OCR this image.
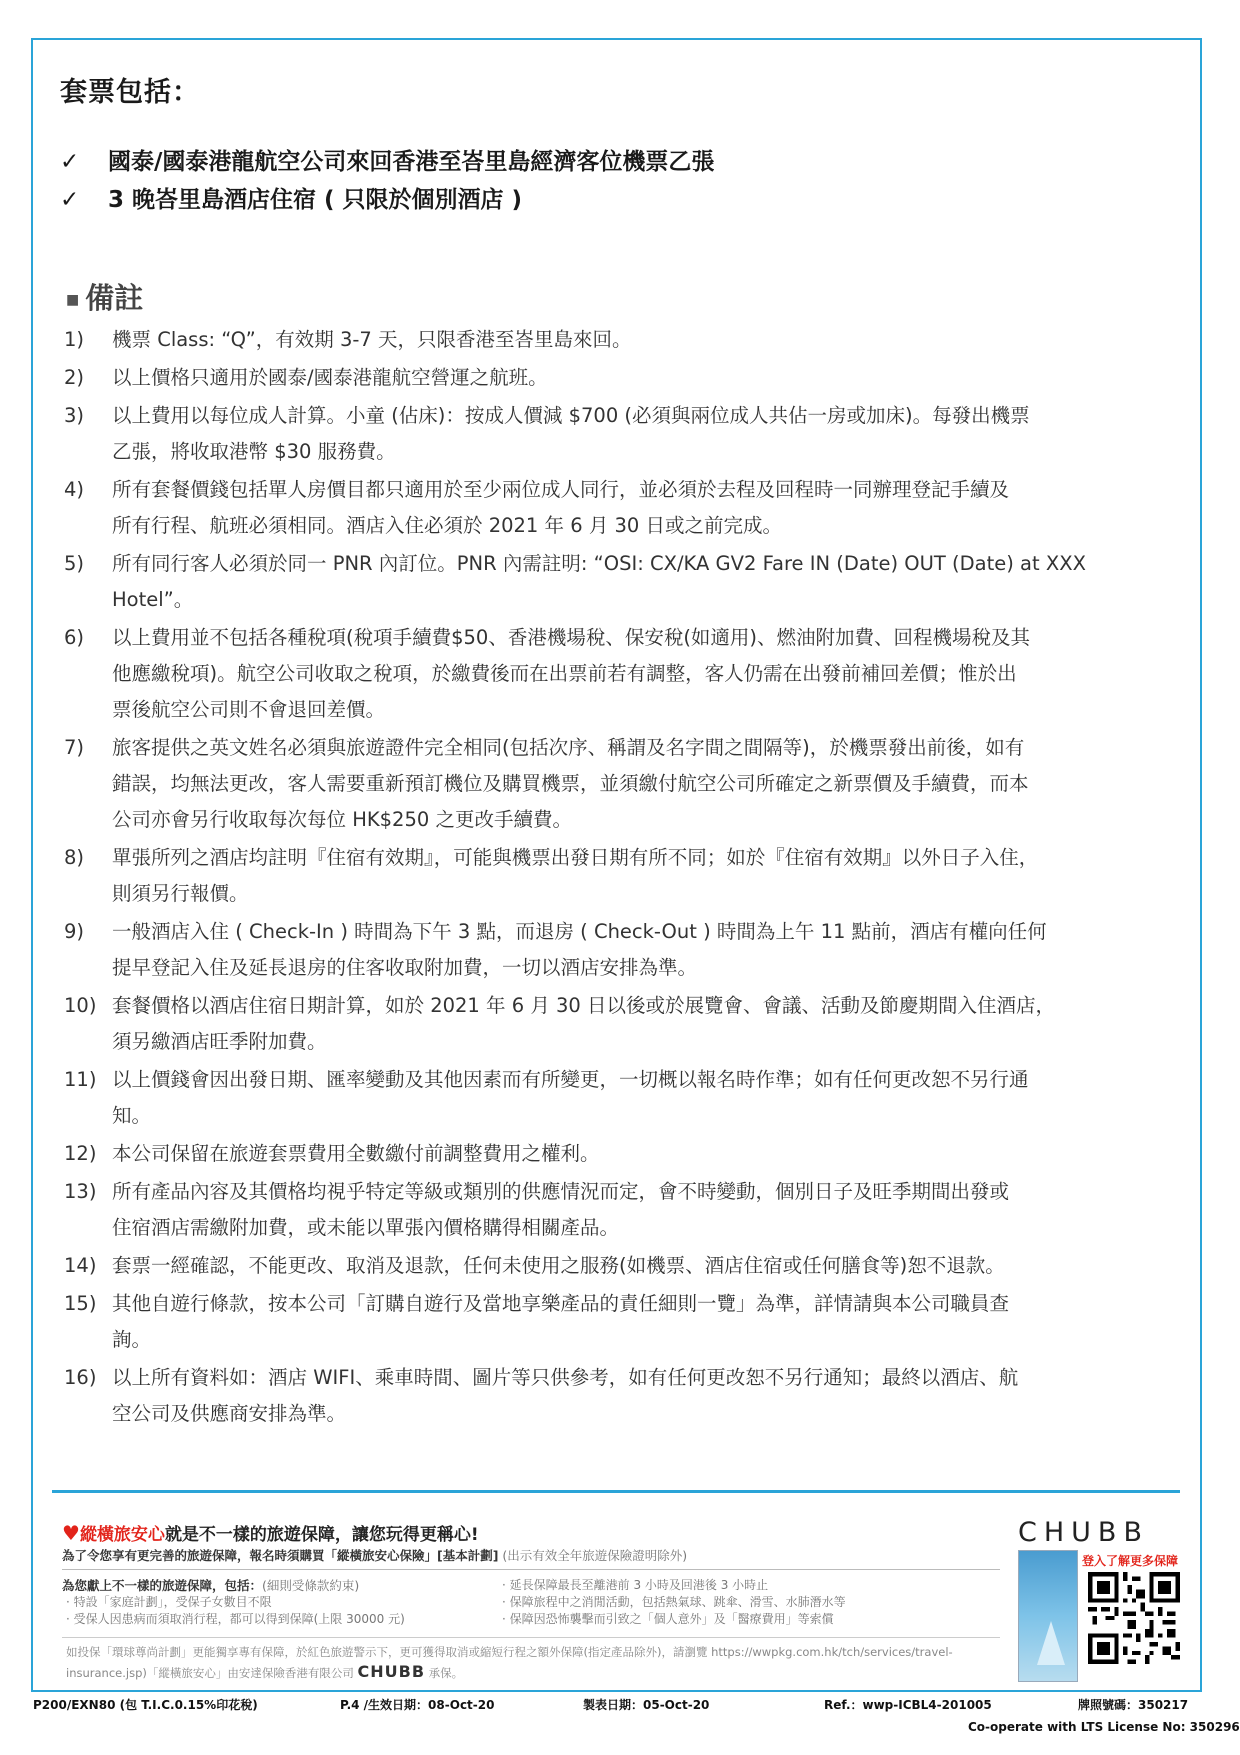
套票包括：
✓ 國泰/國泰港龍航空公司來回香港至峇里島經濟客位機票乙張
✓ 3 晚峇里島酒店住宿 ( 只限於個別酒店 )
■ 備註
1)	機票 Class: “Q”，有效期 3-7 天，只限香港至峇里島來回。
2)	以上價格只適用於國泰/國泰港龍航空營運之航班。
3)	以上費用以每位成人計算。小童 (佔床)：按成人價減 $700 (必須與兩位成人共佔一房或加床)。每發出機票
乙張，將收取港幣 $30 服務費。
4)	所有套餐價錢包括單人房價目都只適用於至少兩位成人同行，並必須於去程及回程時一同辦理登記手續及
所有行程、航班必須相同。酒店入住必須於 2021 年 6 月 30 日或之前完成。
5)	所有同行客人必須於同一 PNR 內訂位。PNR 內需註明: “OSI: CX/KA GV2 Fare IN (Date) OUT (Date) at XXX
Hotel”。
6)	以上費用並不包括各種稅項(稅項手續費$50、香港機場稅、保安稅(如適用)、燃油附加費、回程機場稅及其
他應繳稅項)。航空公司收取之稅項，於繳費後而在出票前若有調整，客人仍需在出發前補回差價；惟於出
票後航空公司則不會退回差價。
7)	旅客提供之英文姓名必須與旅遊證件完全相同(包括次序、稱謂及名字間之間隔等)，於機票發出前後，如有
錯誤，均無法更改，客人需要重新預訂機位及購買機票，並須繳付航空公司所確定之新票價及手續費，而本
公司亦會另行收取每次每位 HK$250 之更改手續費。
8)	單張所列之酒店均註明『住宿有效期』，可能與機票出發日期有所不同；如於『住宿有效期』以外日子入住，
則須另行報價。
9)	一般酒店入住 ( Check-In ) 時間為下午 3 點，而退房 ( Check-Out ) 時間為上午 11 點前，酒店有權向任何
提早登記入住及延長退房的住客收取附加費，一切以酒店安排為準。
10) 套餐價格以酒店住宿日期計算，如於 2021 年 6 月 30 日以後或於展覽會、會議、活動及節慶期間入住酒店，
須另繳酒店旺季附加費。
11) 以上價錢會因出發日期、匯率變動及其他因素而有所變更，一切概以報名時作準；如有任何更改恕不另行通
知。
12) 本公司保留在旅遊套票費用全數繳付前調整費用之權利。
13) 所有產品內容及其價格均視乎特定等級或類別的供應情況而定，會不時變動，個別日子及旺季期間出發或
住宿酒店需繳附加費，或未能以單張內價格購得相關產品。
14) 套票一經確認，不能更改、取消及退款，任何未使用之服務(如機票、酒店住宿或任何膳食等)恕不退款。
15) 其他自遊行條款，按本公司「訂購自遊行及當地享樂產品的責任細則一覽」為準，詳情請與本公司職員查
詢。
16) 以上所有資料如：酒店 WIFI、乘車時間、圖片等只供參考，如有任何更改恕不另行通知；最終以酒店、航
空公司及供應商安排為準。
♥縱橫旅安心就是不一樣的旅遊保障，讓您玩得更稱心!
為了令您享有更完善的旅遊保障，報名時須購買「縱橫旅安心保險」[基本計劃] (出示有效全年旅遊保險證明除外)
為您獻上不一樣的旅遊保障，包括：(細則受條款約束)
· 特設「家庭計劃」，受保子女數目不限
· 受保人因患病而須取消行程，都可以得到保障(上限 30000 元)
· 延長保障最長至離港前 3 小時及回港後 3 小時止
· 保障旅程中之消閒活動，包括熱氣球、跳傘、滑雪、水肺潛水等
· 保障因恐怖襲擊而引致之「個人意外」及「醫療費用」等索償
如投保「環球尊尚計劃」更能獨享專有保障，於紅色旅遊警示下，更可獲得取消或縮短行程之額外保障(指定產品除外)，請瀏覽 https://wwpkg.com.hk/tch/services/travel-
insurance.jsp)「縱橫旅安心」由安達保險香港有限公司 CHUBB 承保。
CHUBB
登入了解更多保障
P200/EXN80 (包 T.I.C.0.15%印花稅)	P.4 /生效日期：08-Oct-20	製表日期：05-Oct-20	Ref.：wwp-ICBL4-201005	牌照號碼：350217
Co-operate with LTS License No: 350296
